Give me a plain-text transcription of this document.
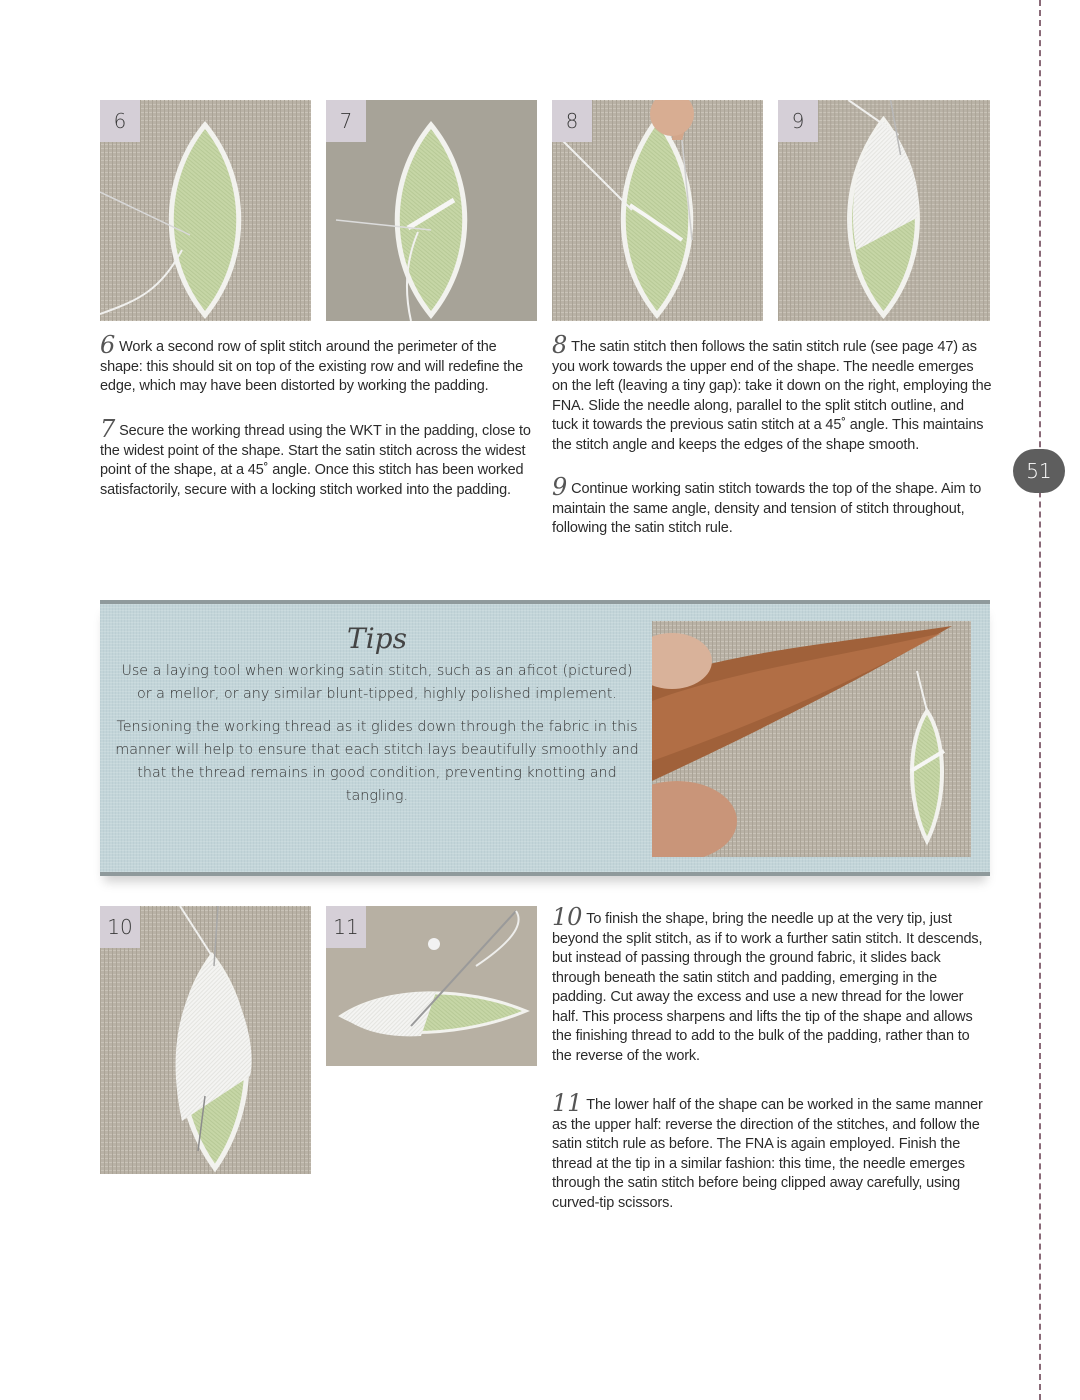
51
6	7	8	9
6 Work a second row of split stitch around the perimeter of the shape: this should sit on top of the existing row and will redefine the edge, which may have been distorted by working the padding.
7 Secure the working thread using the WKT in the padding, close to the widest point of the shape. Start the satin stitch across the widest point of the shape, at a 45˚ angle. Once this stitch has been worked satisfactorily, secure with a locking stitch worked into the padding.
8 The satin stitch then follows the satin stitch rule (see page 47) as you work towards the upper end of the shape. The needle emerges on the left (leaving a tiny gap): take it down on the right, employing the FNA. Slide the needle along, parallel to the split stitch outline, and tuck it towards the previous satin stitch at a 45˚ angle. This maintains the stitch angle and keeps the edges of the shape smooth.
9 Continue working satin stitch towards the top of the shape. Aim to maintain the same angle, density and tension of stitch throughout, following the satin stitch rule.
Tips
Use a laying tool when working satin stitch, such as an aficot (pictured) or a mellor, or any similar blunt-tipped, highly polished implement.
Tensioning the working thread as it glides down through the fabric in this manner will help to ensure that each stitch lays beautifully smoothly and that the thread remains in good condition, preventing knotting and tangling.
10	11	10 To finish the shape, bring the needle up at the very tip, just beyond the split stitch, as if to work a further satin stitch. It descends, but instead of passing through the ground fabric, it slides back through beneath the satin stitch and padding, emerging in the padding. Cut away the excess and use a new thread for the lower half. This process sharpens and lifts the tip of the shape and allows the finishing thread to add to the bulk of the padding, rather than to the reverse of the work.
11 The lower half of the shape can be worked in the same manner as the upper half: reverse the direction of the stitches, and follow the satin stitch rule as before. The FNA is again employed. Finish the thread at the tip in a similar fashion: this time, the needle emerges through the satin stitch before being clipped away carefully, using curved-tip scissors.
